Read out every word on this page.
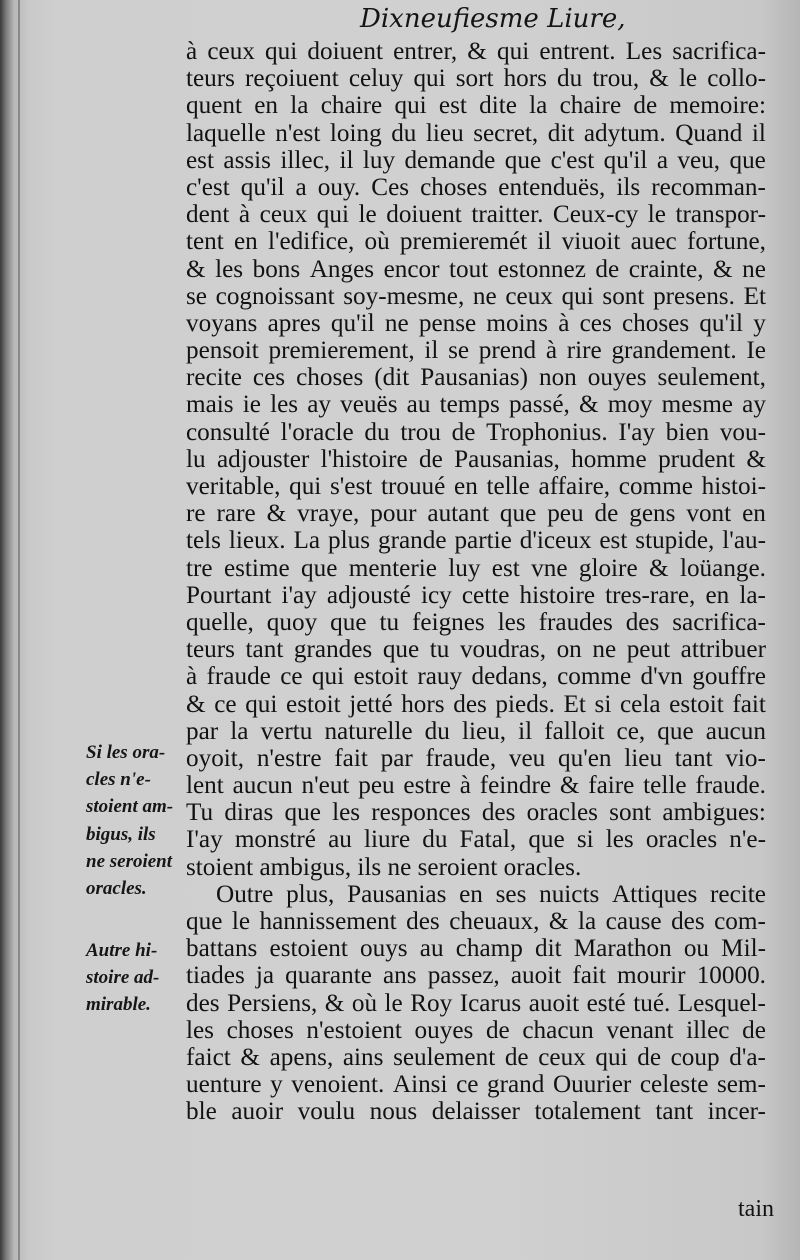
Dixneufiesme Liure,
à ceux qui doiuent entrer, & qui entrent. Les sacrifica-
teurs reçoiuent celuy qui sort hors du trou, & le collo-
quent en la chaire qui est dite la chaire de memoire:
laquelle n'est loing du lieu secret, dit adytum. Quand il
est assis illec, il luy demande que c'est qu'il a veu, que
c'est qu'il a ouy. Ces choses entenduës, ils recomman-
dent à ceux qui le doiuent traitter. Ceux-cy le transpor-
tent en l'edifice, où premieremét il viuoit auec fortune,
& les bons Anges encor tout estonnez de crainte, & ne
se cognoissant soy-mesme, ne ceux qui sont presens. Et
voyans apres qu'il ne pense moins à ces choses qu'il y
pensoit premierement, il se prend à rire grandement. Ie
recite ces choses (dit Pausanias) non ouyes seulement,
mais ie les ay veuës au temps passé, & moy mesme ay
consulté l'oracle du trou de Trophonius. I'ay bien vou-
lu adjouster l'histoire de Pausanias, homme prudent &
veritable, qui s'est trouué en telle affaire, comme histoi-
re rare & vraye, pour autant que peu de gens vont en
tels lieux. La plus grande partie d'iceux est stupide, l'au-
tre estime que menterie luy est vne gloire & loüange.
Pourtant i'ay adjousté icy cette histoire tres-rare, en la-
quelle, quoy que tu feignes les fraudes des sacrifica-
teurs tant grandes que tu voudras, on ne peut attribuer
à fraude ce qui estoit rauy dedans, comme d'vn gouffre
& ce qui estoit jetté hors des pieds. Et si cela estoit fait
par la vertu naturelle du lieu, il falloit ce, que aucun
oyoit, n'estre fait par fraude, veu qu'en lieu tant vio-
lent aucun n'eut peu estre à feindre & faire telle fraude.
Tu diras que les responces des oracles sont ambigues:
I'ay monstré au liure du Fatal, que si les oracles n'e-
stoient ambigus, ils ne seroient oracles.
Outre plus, Pausanias en ses nuicts Attiques recite
que le hannissement des cheuaux, & la cause des com-
battans estoient ouys au champ dit Marathon ou Mil-
tiades ja quarante ans passez, auoit fait mourir 10000.
des Persiens, & où le Roy Icarus auoit esté tué. Lesquel-
les choses n'estoient ouyes de chacun venant illec de
faict & apens, ains seulement de ceux qui de coup d'a-
uenture y venoient. Ainsi ce grand Ouurier celeste sem-
ble auoir voulu nous delaisser totalement tant incer-
Si les ora-
cles n'e-
stoient am-
bigus, ils
ne seroient
oracles.
Autre hi-
stoire ad-
mirable.
tain
